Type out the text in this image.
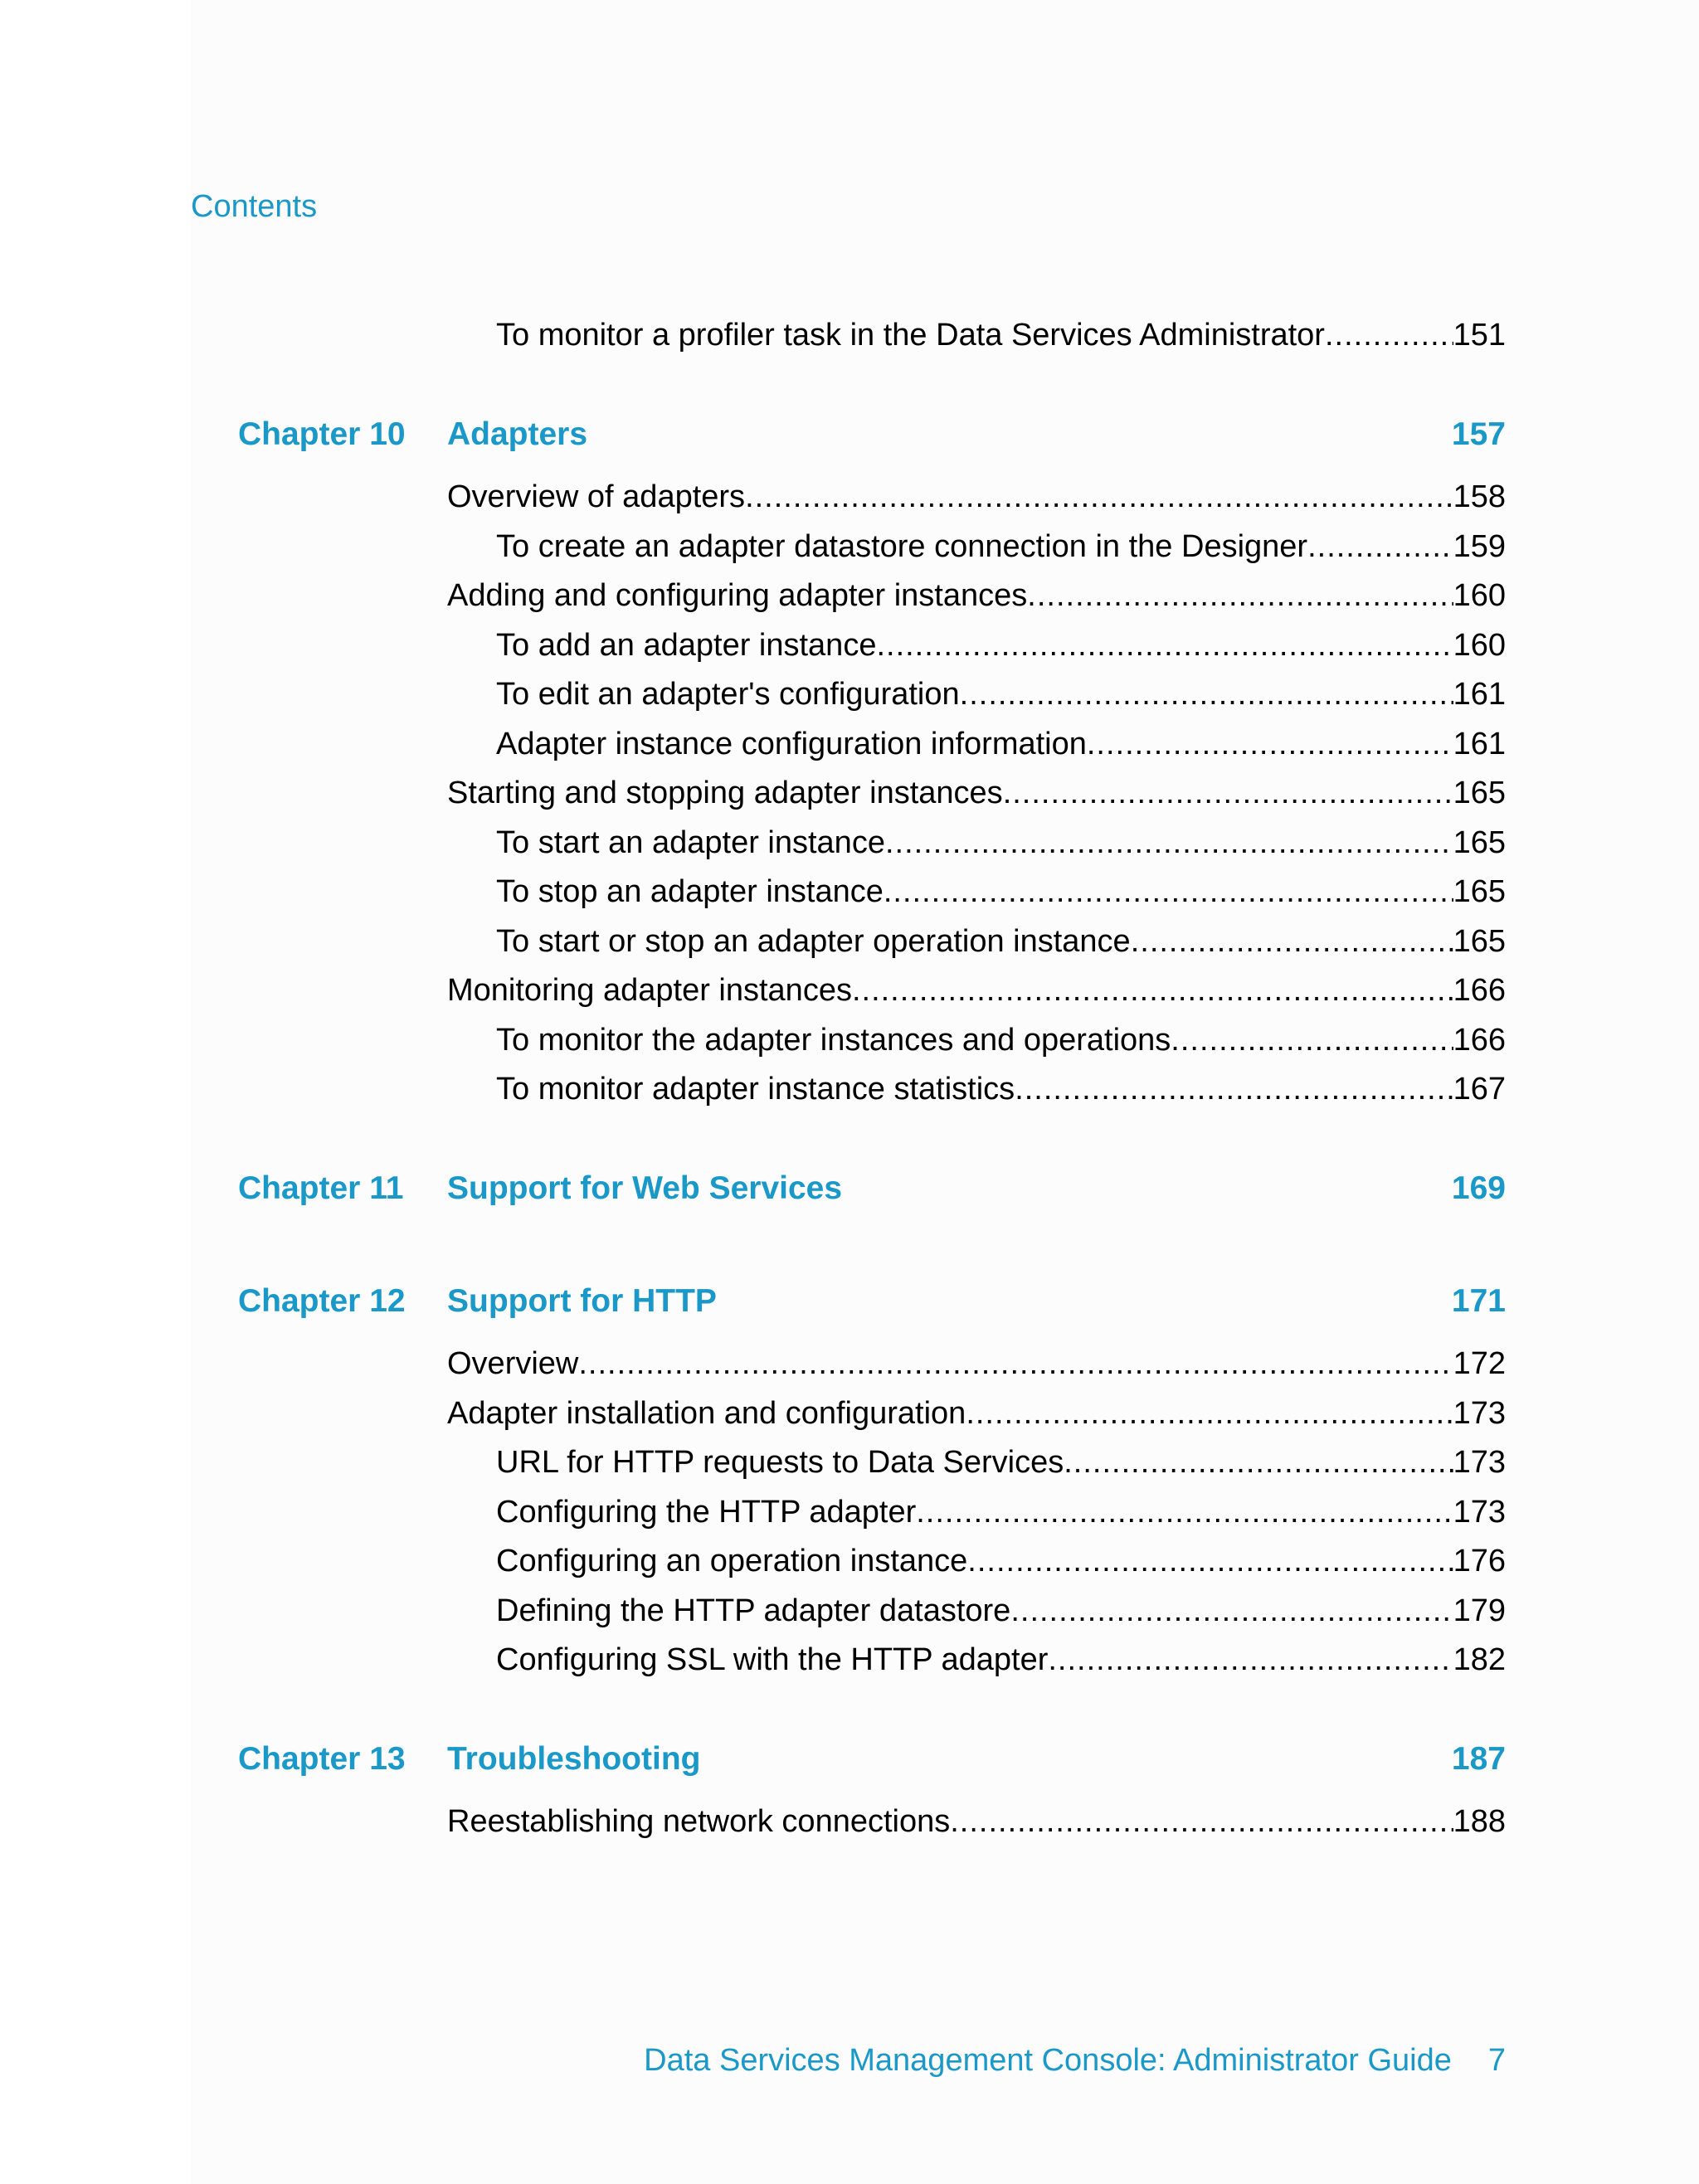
Contents
To monitor a profiler task in the Data Services Administrator .....	151
Chapter 10	Adapters	157
Overview of adapters .....	158
To create an adapter datastore connection in the Designer .....	159
Adding and configuring adapter instances .....	160
To add an adapter instance .....	160
To edit an adapter's configuration .....	161
Adapter instance configuration information .....	161
Starting and stopping adapter instances .....	165
To start an adapter instance .....	165
To stop an adapter instance .....	165
To start or stop an adapter operation instance .....	165
Monitoring adapter instances .....	166
To monitor the adapter instances and operations .....	166
To monitor adapter instance statistics .....	167
Chapter 11	Support for Web Services	169
Chapter 12	Support for HTTP	171
Overview .....	172
Adapter installation and configuration .....	173
URL for HTTP requests to Data Services .....	173
Configuring the HTTP adapter .....	173
Configuring an operation instance .....	176
Defining the HTTP adapter datastore .....	179
Configuring SSL with the HTTP adapter .....	182
Chapter 13	Troubleshooting	187
Reestablishing network connections .....	188
Data Services Management Console: Administrator Guide 7
